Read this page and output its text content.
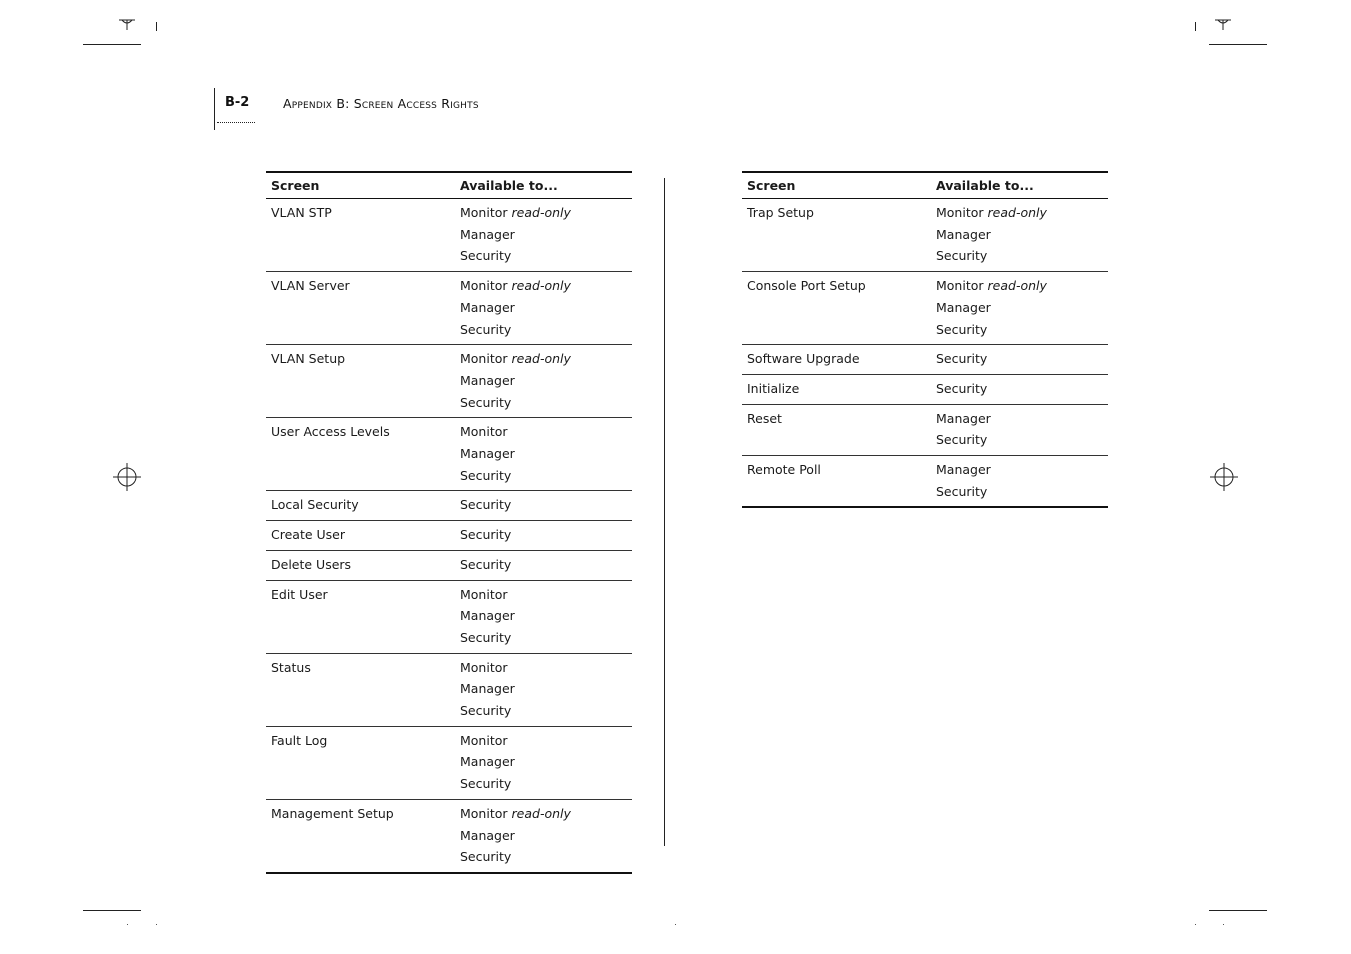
B-2	Appendix B: Screen Access Rights
Screen	Available to...
VLAN STP	Monitor read-only
Manager
Security

VLAN Server	Monitor read-only
Manager
Security

VLAN Setup	Monitor read-only
Manager
Security

User Access Levels	Monitor
Manager
Security

Local Security	Security

Create User	Security

Delete Users	Security

Edit User	Monitor
Manager
Security

Status	Monitor
Manager
Security

Fault Log	Monitor
Manager
Security

Management Setup	Monitor read-only
Manager
Security
Screen	Available to...
Trap Setup	Monitor read-only
Manager
Security

Console Port Setup	Monitor read-only
Manager
Security

Software Upgrade	Security

Initialize	Security

Reset	Manager
Security

Remote Poll	Manager
Security
